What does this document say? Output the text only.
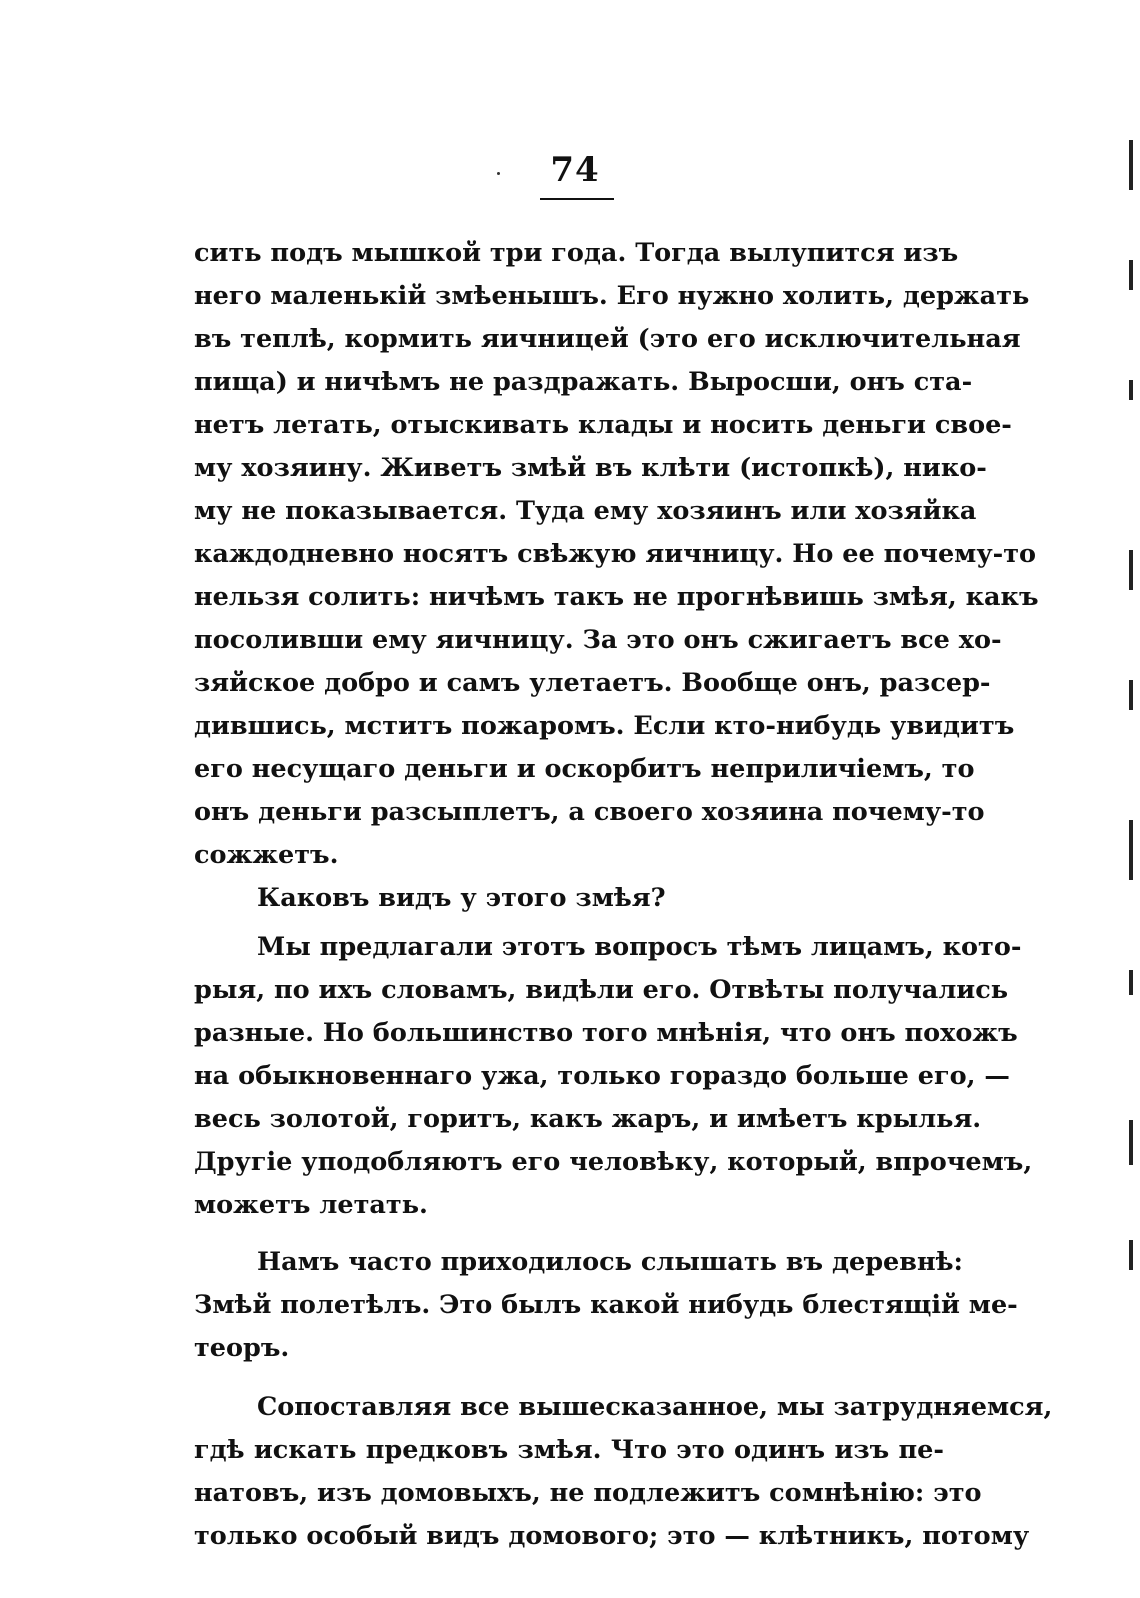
74
сить подъ мышкой три года. Тогда вылупится изъ
него маленькій змѣенышъ. Его нужно холить, держать
въ теплѣ, кормить яичницей (это его исключительная
пища) и ничѣмъ не раздражать. Выросши, онъ ста-
нетъ летать, отыскивать клады и носить деньги свое-
му хозяину. Живетъ змѣй въ клѣти (истопкѣ), нико-
му не показывается. Туда ему хозяинъ или хозяйка
каждодневно носятъ свѣжую яичницу. Но ее почему-то
нельзя солить: ничѣмъ такъ не прогнѣвишь змѣя, какъ
посоливши ему яичницу. За это онъ сжигаетъ все хо-
зяйское добро и самъ улетаетъ. Вообще онъ, разсер-
дившись, мститъ пожаромъ. Если кто-нибудь увидитъ
его несущаго деньги и оскорбитъ неприличіемъ, то
онъ деньги разсыплетъ, а своего хозяина почему-то
сожжетъ.
Каковъ видъ у этого змѣя?
Мы предлагали этотъ вопросъ тѣмъ лицамъ, кото-
рыя, по ихъ словамъ, видѣли его. Отвѣты получались
разные. Но большинство того мнѣнія, что онъ похожъ
на обыкновеннаго ужа, только гораздо больше его, —
весь золотой, горитъ, какъ жаръ, и имѣетъ крылья.
Другіе уподобляютъ его человѣку, который, впрочемъ,
можетъ летать.
Намъ часто приходилось слышать въ деревнѣ:
Змѣй полетѣлъ. Это былъ какой нибудь блестящій ме-
теоръ.
Сопоставляя все вышесказанное, мы затрудняемся,
гдѣ искать предковъ змѣя. Что это одинъ изъ пе-
натовъ, изъ домовыхъ, не подлежитъ сомнѣнію: это
только особый видъ домового; это — клѣтникъ, потому
